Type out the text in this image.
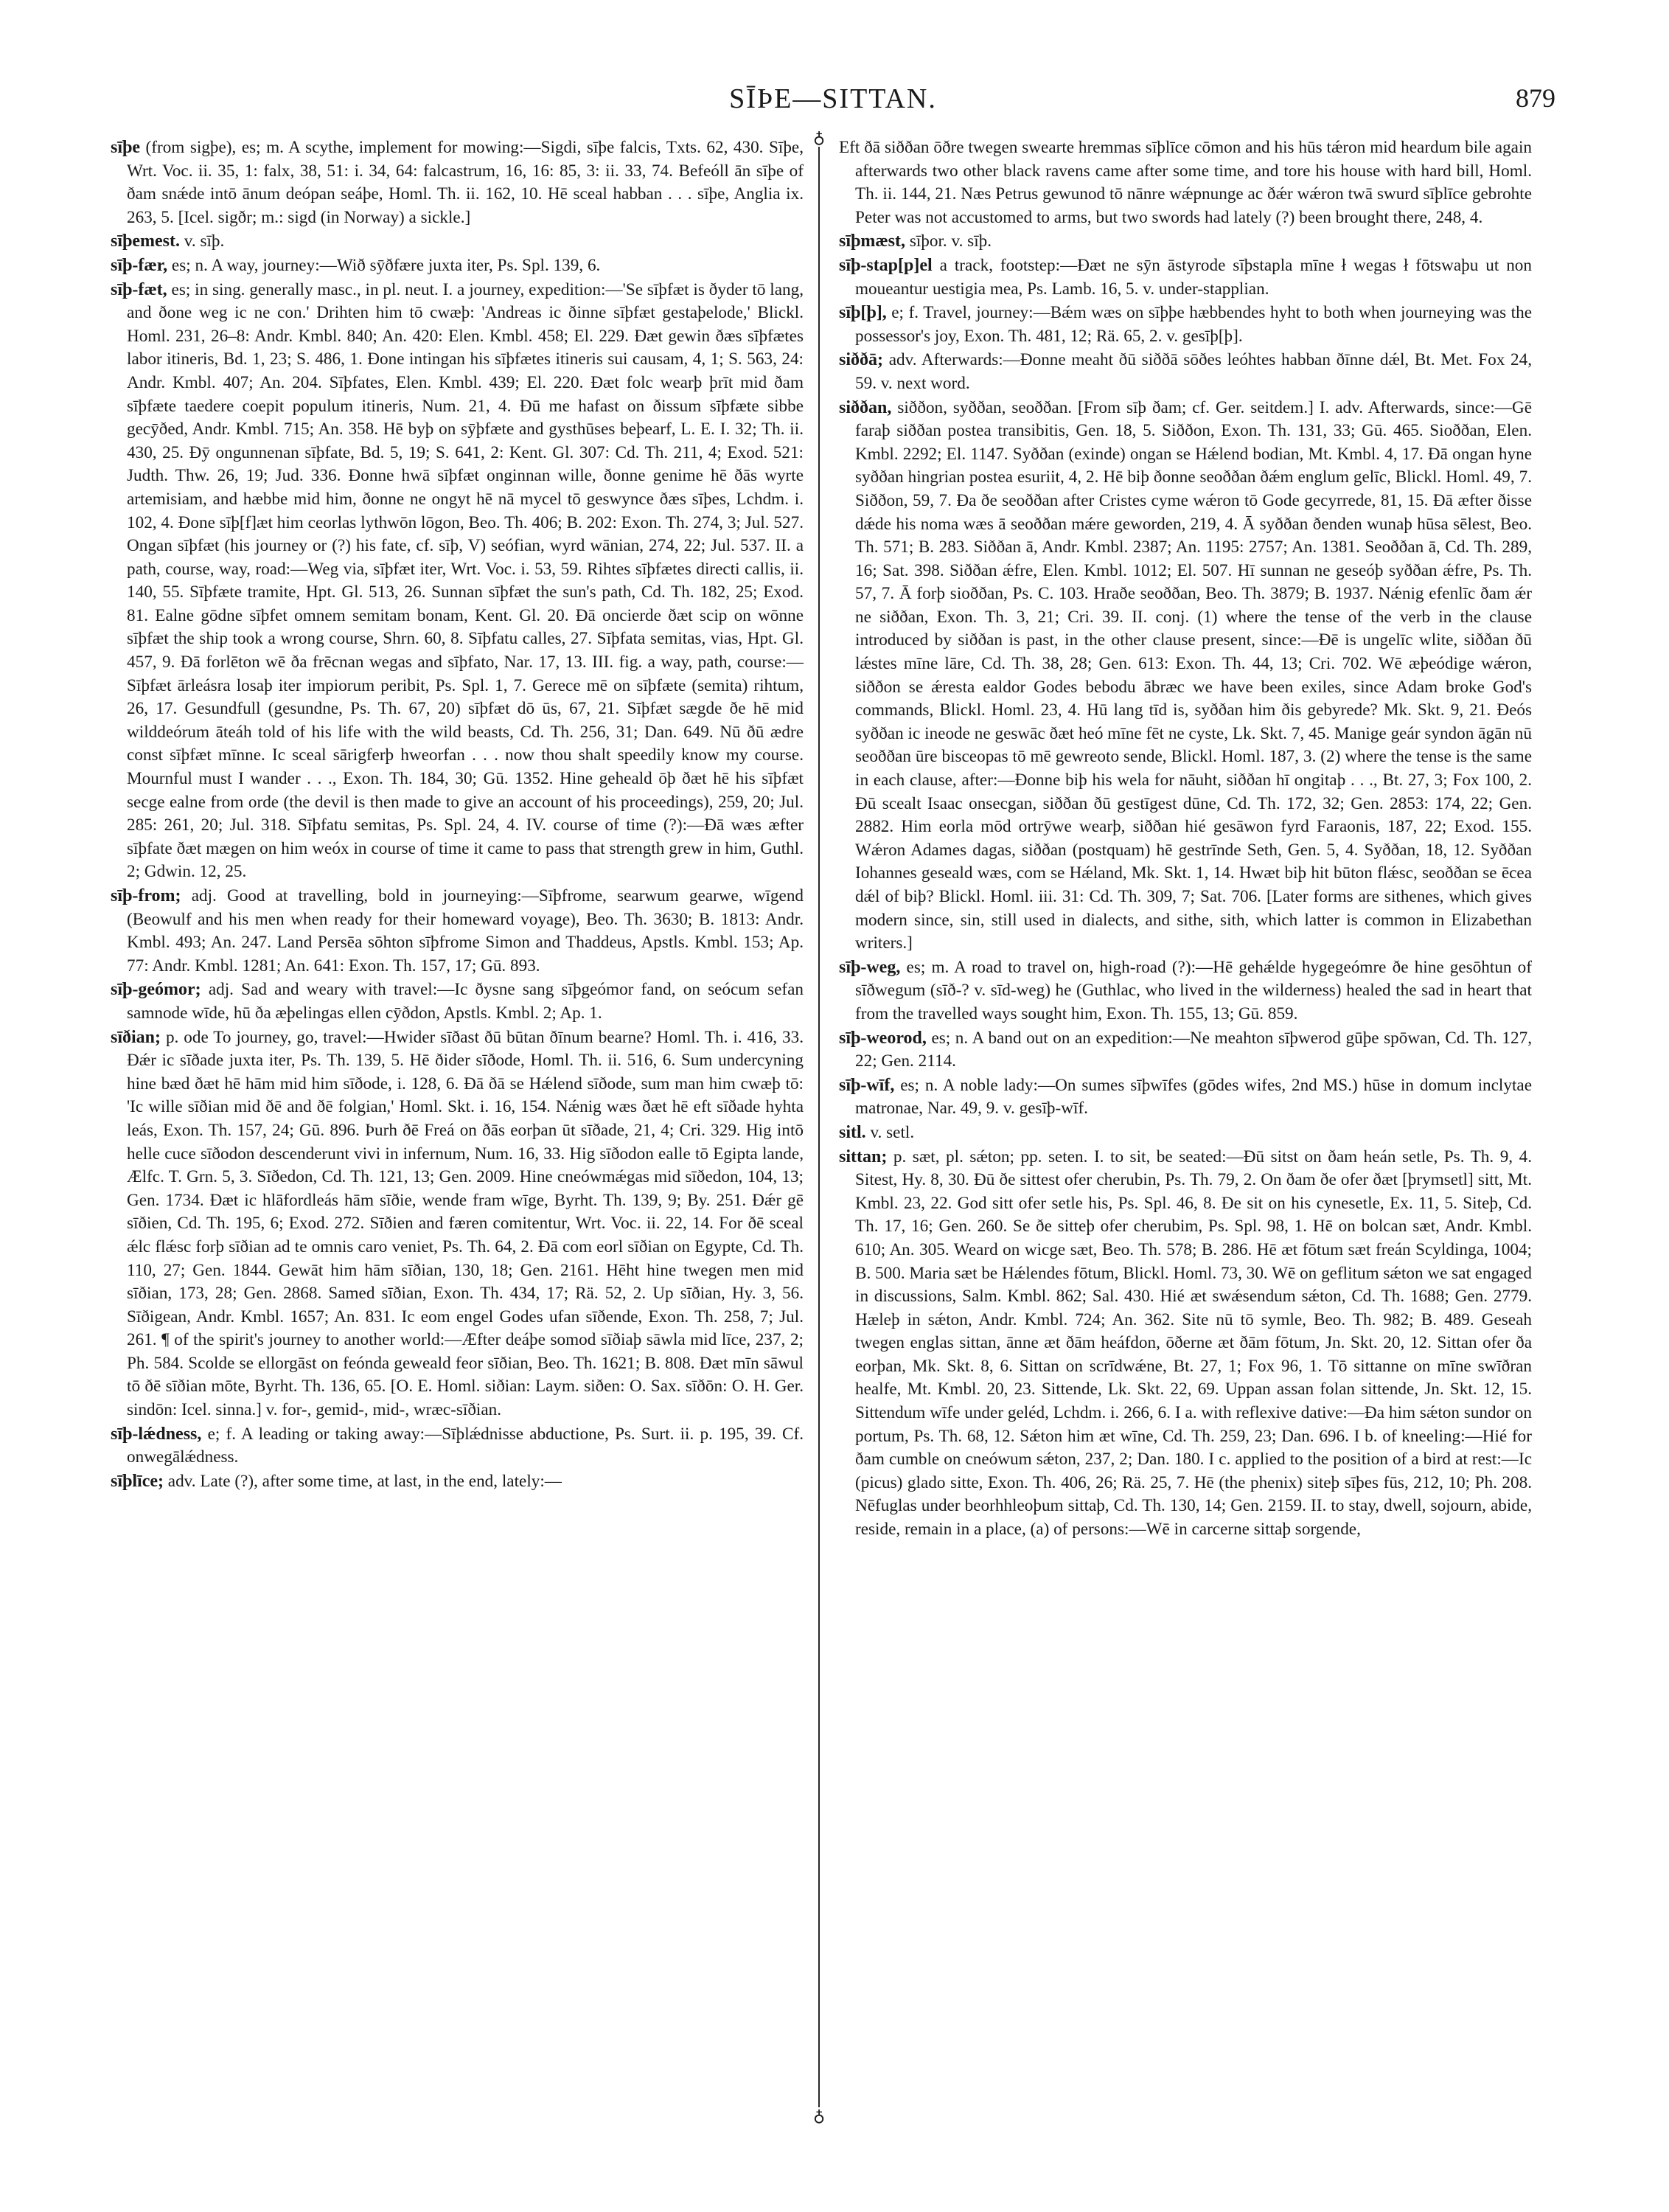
SĪÞE—SITTAN.	879
♁
♁

sīþe (from sigþe), es; m. A scythe, implement for mowing:—Sigdi, sīþe falcis, Txts. 62, 430. Sīþe, Wrt. Voc. ii. 35, 1: falx, 38, 51: i. 34, 64: falcastrum, 16, 16: 85, 3: ii. 33, 74. Befeóll ān sīþe of ðam snǽde intō ānum deópan seáþe, Homl. Th. ii. 162, 10. Hē sceal habban . . . sīþe, Anglia ix. 263, 5. [Icel. sigðr; m.: sigd (in Norway) a sickle.]

sīþemest. v. sīþ.

sīþ-fær, es; n. A way, journey:—Wið sȳðfære juxta iter, Ps. Spl. 139, 6.

sīþ-fæt, es; in sing. generally masc., in pl. neut. I. a journey, expedition:—'Se sīþfæt is ðyder tō lang, and ðone weg ic ne con.' Drihten him tō cwæþ: 'Andreas ic ðinne sīþfæt gestaþelode,' Blickl. Homl. 231, 26–8: Andr. Kmbl. 840; An. 420: Elen. Kmbl. 458; El. 229. Ðæt gewin ðæs sīþfætes labor itineris, Bd. 1, 23; S. 486, 1. Ðone intingan his sīþfætes itineris sui causam, 4, 1; S. 563, 24: Andr. Kmbl. 407; An. 204. Sīþfates, Elen. Kmbl. 439; El. 220. Ðæt folc wearþ þrīt mid ðam sīþfæte taedere coepit populum itineris, Num. 21, 4. Ðū me hafast on ðissum sīþfæte sibbe gecȳðed, Andr. Kmbl. 715; An. 358. Hē byþ on sȳþfæte and gysthūses beþearf, L. E. I. 32; Th. ii. 430, 25. Ðȳ ongunnenan sīþfate, Bd. 5, 19; S. 641, 2: Kent. Gl. 307: Cd. Th. 211, 4; Exod. 521: Judth. Thw. 26, 19; Jud. 336. Ðonne hwā sīþfæt onginnan wille, ðonne genime hē ðās wyrte artemisiam, and hæbbe mid him, ðonne ne ongyt hē nā mycel tō geswynce ðæs sīþes, Lchdm. i. 102, 4. Ðone sīþ[f]æt him ceorlas lythwōn lōgon, Beo. Th. 406; B. 202: Exon. Th. 274, 3; Jul. 527. Ongan sīþfæt (his journey or (?) his fate, cf. sīþ, V) seófian, wyrd wānian, 274, 22; Jul. 537. II. a path, course, way, road:—Weg via, sīþfæt iter, Wrt. Voc. i. 53, 59. Rihtes sīþfætes directi callis, ii. 140, 55. Sīþfæte tramite, Hpt. Gl. 513, 26. Sunnan sīþfæt the sun's path, Cd. Th. 182, 25; Exod. 81. Ealne gōdne sīþfet omnem semitam bonam, Kent. Gl. 20. Ðā oncierde ðæt scip on wōnne sīþfæt the ship took a wrong course, Shrn. 60, 8. Sīþfatu calles, 27. Sīþfata semitas, vias, Hpt. Gl. 457, 9. Ðā forlēton wē ða frēcnan wegas and sīþfato, Nar. 17, 13. III. fig. a way, path, course:—Sīþfæt ārleásra losaþ iter impiorum peribit, Ps. Spl. 1, 7. Gerece mē on sīþfæte (semita) rihtum, 26, 17. Gesundfull (gesundne, Ps. Th. 67, 20) sīþfæt dō ūs, 67, 21. Sīþfæt sægde ðe hē mid wilddeórum āteáh told of his life with the wild beasts, Cd. Th. 256, 31; Dan. 649. Nū ðū ædre const sīþfæt mīnne. Ic sceal sārigferþ hweorfan . . . now thou shalt speedily know my course. Mournful must I wander . . ., Exon. Th. 184, 30; Gū. 1352. Hine geheald ōþ ðæt hē his sīþfæt secge ealne from orde (the devil is then made to give an account of his proceedings), 259, 20; Jul. 285: 261, 20; Jul. 318. Sīþfatu semitas, Ps. Spl. 24, 4. IV. course of time (?):—Ðā wæs æfter sīþfate ðæt mægen on him weóx in course of time it came to pass that strength grew in him, Guthl. 2; Gdwin. 12, 25.

sīþ-from; adj. Good at travelling, bold in journeying:—Sīþfrome, searwum gearwe, wīgend (Beowulf and his men when ready for their homeward voyage), Beo. Th. 3630; B. 1813: Andr. Kmbl. 493; An. 247. Land Persēa sōhton sīþfrome Simon and Thaddeus, Apstls. Kmbl. 153; Ap. 77: Andr. Kmbl. 1281; An. 641: Exon. Th. 157, 17; Gū. 893.

sīþ-geómor; adj. Sad and weary with travel:—Ic ðysne sang sīþgeómor fand, on seócum sefan samnode wīde, hū ða æþelingas ellen cȳðdon, Apstls. Kmbl. 2; Ap. 1.

sīðian; p. ode To journey, go, travel:—Hwider sīðast ðū būtan ðīnum bearne? Homl. Th. i. 416, 33. Ðǽr ic sīðade juxta iter, Ps. Th. 139, 5. Hē ðider sīðode, Homl. Th. ii. 516, 6. Sum undercyning hine bæd ðæt hē hām mid him sīðode, i. 128, 6. Ðā ðā se Hǽlend sīðode, sum man him cwæþ tō: 'Ic wille sīðian mid ðē and ðē folgian,' Homl. Skt. i. 16, 154. Nǽnig wæs ðæt hē eft sīðade hyhta leás, Exon. Th. 157, 24; Gū. 896. Þurh ðē Freá on ðās eorþan ūt sīðade, 21, 4; Cri. 329. Hig intō helle cuce sīðodon descenderunt vivi in infernum, Num. 16, 33. Hig sīðodon ealle tō Egipta lande, Ælfc. T. Grn. 5, 3. Sīðedon, Cd. Th. 121, 13; Gen. 2009. Hine cneówmǽgas mid sīðedon, 104, 13; Gen. 1734. Ðæt ic hlāfordleás hām sīðie, wende fram wīge, Byrht. Th. 139, 9; By. 251. Ðǽr gē sīðien, Cd. Th. 195, 6; Exod. 272. Sīðien and færen comitentur, Wrt. Voc. ii. 22, 14. For ðē sceal ǽlc flǽsc forþ sīðian ad te omnis caro veniet, Ps. Th. 64, 2. Ðā com eorl sīðian on Egypte, Cd. Th. 110, 27; Gen. 1844. Gewāt him hām sīðian, 130, 18; Gen. 2161. Hēht hine twegen men mid sīðian, 173, 28; Gen. 2868. Samed sīðian, Exon. Th. 434, 17; Rä. 52, 2. Up sīðian, Hy. 3, 56. Sīðigean, Andr. Kmbl. 1657; An. 831. Ic eom engel Godes ufan sīðende, Exon. Th. 258, 7; Jul. 261. ¶ of the spirit's journey to another world:—Æfter deáþe somod sīðiaþ sāwla mid līce, 237, 2; Ph. 584. Scolde se ellorgāst on feónda geweald feor sīðian, Beo. Th. 1621; B. 808. Ðæt mīn sāwul tō ðē sīðian mōte, Byrht. Th. 136, 65. [O. E. Homl. siðian: Laym. siðen: O. Sax. sīðōn: O. H. Ger. sindōn: Icel. sinna.] v. for-, gemid-, mid-, wræc-sīðian.

sīþ-lǽdness, e; f. A leading or taking away:—Sīþlǽdnisse abductione, Ps. Surt. ii. p. 195, 39. Cf. onwegālǽdness.

sīþlīce; adv. Late (?), after some time, at last, in the end, lately:—

Eft ðā siððan ōðre twegen swearte hremmas sīþlīce cōmon and his hūs tǽron mid heardum bile again afterwards two other black ravens came after some time, and tore his house with hard bill, Homl. Th. ii. 144, 21. Næs Petrus gewunod tō nānre wǽpnunge ac ðǽr wǽron twā swurd sīþlīce gebrohte Peter was not accustomed to arms, but two swords had lately (?) been brought there, 248, 4.

sīþmæst, sīþor. v. sīþ.

sīþ-stap[p]el a track, footstep:—Ðæt ne sȳn āstyrode sīþstapla mīne ł wegas ł fōtswaþu ut non moueantur uestigia mea, Ps. Lamb. 16, 5. v. under-stapplian.

sīþ[þ], e; f. Travel, journey:—Bǽm wæs on sīþþe hæbbendes hyht to both when journeying was the possessor's joy, Exon. Th. 481, 12; Rä. 65, 2. v. gesīþ[þ].

siððā; adv. Afterwards:—Ðonne meaht ðū siððā sōðes leóhtes habban ðīnne dǽl, Bt. Met. Fox 24, 59. v. next word.

siððan, siððon, syððan, seoððan. [From sīþ ðam; cf. Ger. seitdem.] I. adv. Afterwards, since:—Gē faraþ siððan postea transibitis, Gen. 18, 5. Siððon, Exon. Th. 131, 33; Gū. 465. Sioððan, Elen. Kmbl. 2292; El. 1147. Syððan (exinde) ongan se Hǽlend bodian, Mt. Kmbl. 4, 17. Ðā ongan hyne syððan hingrian postea esuriit, 4, 2. Hē biþ ðonne seoððan ðǽm englum gelīc, Blickl. Homl. 49, 7. Siððon, 59, 7. Ða ðe seoððan after Cristes cyme wǽron tō Gode gecyrrede, 81, 15. Ðā æfter ðisse dǽde his noma wæs ā seoððan mǽre geworden, 219, 4. Ā syððan ðenden wunaþ hūsa sēlest, Beo. Th. 571; B. 283. Siððan ā, Andr. Kmbl. 2387; An. 1195: 2757; An. 1381. Seoððan ā, Cd. Th. 289, 16; Sat. 398. Siððan ǽfre, Elen. Kmbl. 1012; El. 507. Hī sunnan ne geseóþ syððan ǽfre, Ps. Th. 57, 7. Ā forþ sioððan, Ps. C. 103. Hraðe seoððan, Beo. Th. 3879; B. 1937. Nǽnig efenlīc ðam ǽr ne siððan, Exon. Th. 3, 21; Cri. 39. II. conj. (1) where the tense of the verb in the clause introduced by siððan is past, in the other clause present, since:—Ðē is ungelīc wlite, siððan ðū lǽstes mīne lāre, Cd. Th. 38, 28; Gen. 613: Exon. Th. 44, 13; Cri. 702. Wē æþeódige wǽron, siððon se ǽresta ealdor Godes bebodu ābræc we have been exiles, since Adam broke God's commands, Blickl. Homl. 23, 4. Hū lang tīd is, syððan him ðis gebyrede? Mk. Skt. 9, 21. Ðeós syððan ic ineode ne geswāc ðæt heó mīne fēt ne cyste, Lk. Skt. 7, 45. Manige geár syndon āgān nū seoððan ūre bisceopas tō mē gewreoto sende, Blickl. Homl. 187, 3. (2) where the tense is the same in each clause, after:—Ðonne biþ his wela for nāuht, siððan hī ongitaþ . . ., Bt. 27, 3; Fox 100, 2. Ðū scealt Isaac onsecgan, siððan ðū gestīgest dūne, Cd. Th. 172, 32; Gen. 2853: 174, 22; Gen. 2882. Him eorla mōd ortrȳwe wearþ, siððan hié gesāwon fyrd Faraonis, 187, 22; Exod. 155. Wǽron Adames dagas, siððan (postquam) hē gestrīnde Seth, Gen. 5, 4. Syððan, 18, 12. Syððan Iohannes geseald wæs, com se Hǽland, Mk. Skt. 1, 14. Hwæt biþ hit būton flǽsc, seoððan se ēcea dǽl of biþ? Blickl. Homl. iii. 31: Cd. Th. 309, 7; Sat. 706. [Later forms are sithenes, which gives modern since, sin, still used in dialects, and sithe, sith, which latter is common in Elizabethan writers.]

sīþ-weg, es; m. A road to travel on, high-road (?):—Hē gehǽlde hygegeómre ðe hine gesōhtun of sīðwegum (sīð-? v. sīd-weg) he (Guthlac, who lived in the wilderness) healed the sad in heart that from the travelled ways sought him, Exon. Th. 155, 13; Gū. 859.

sīþ-weorod, es; n. A band out on an expedition:—Ne meahton sīþwerod gūþe spōwan, Cd. Th. 127, 22; Gen. 2114.

sīþ-wīf, es; n. A noble lady:—On sumes sīþwīfes (gōdes wifes, 2nd MS.) hūse in domum inclytae matronae, Nar. 49, 9. v. gesīþ-wīf.

sitl. v. setl.

sittan; p. sæt, pl. sǽton; pp. seten. I. to sit, be seated:—Ðū sitst on ðam heán setle, Ps. Th. 9, 4. Sitest, Hy. 8, 30. Ðū ðe sittest ofer cherubin, Ps. Th. 79, 2. On ðam ðe ofer ðæt [þrymsetl] sitt, Mt. Kmbl. 23, 22. God sitt ofer setle his, Ps. Spl. 46, 8. Ðe sit on his cynesetle, Ex. 11, 5. Siteþ, Cd. Th. 17, 16; Gen. 260. Se ðe sitteþ ofer cherubim, Ps. Spl. 98, 1. Hē on bolcan sæt, Andr. Kmbl. 610; An. 305. Weard on wicge sæt, Beo. Th. 578; B. 286. Hē æt fōtum sæt freán Scyldinga, 1004; B. 500. Maria sæt be Hǽlendes fōtum, Blickl. Homl. 73, 30. Wē on geflitum sǽton we sat engaged in discussions, Salm. Kmbl. 862; Sal. 430. Hié æt swǽsendum sǽton, Cd. Th. 1688; Gen. 2779. Hæleþ in sǽton, Andr. Kmbl. 724; An. 362. Site nū tō symle, Beo. Th. 982; B. 489. Geseah twegen englas sittan, ānne æt ðām heáfdon, ōðerne æt ðām fōtum, Jn. Skt. 20, 12. Sittan ofer ða eorþan, Mk. Skt. 8, 6. Sittan on scrīdwǽne, Bt. 27, 1; Fox 96, 1. Tō sittanne on mīne swīðran healfe, Mt. Kmbl. 20, 23. Sittende, Lk. Skt. 22, 69. Uppan assan folan sittende, Jn. Skt. 12, 15. Sittendum wīfe under geléd, Lchdm. i. 266, 6. I a. with reflexive dative:—Ða him sǽton sundor on portum, Ps. Th. 68, 12. Sǽton him æt wīne, Cd. Th. 259, 23; Dan. 696. I b. of kneeling:—Hié for ðam cumble on cneówum sǽton, 237, 2; Dan. 180. I c. applied to the position of a bird at rest:—Ic (picus) glado sitte, Exon. Th. 406, 26; Rä. 25, 7. Hē (the phenix) siteþ sīþes fūs, 212, 10; Ph. 208. Nēfuglas under beorhhleoþum sittaþ, Cd. Th. 130, 14; Gen. 2159. II. to stay, dwell, sojourn, abide, reside, remain in a place, (a) of persons:—Wē in carcerne sittaþ sorgende,
